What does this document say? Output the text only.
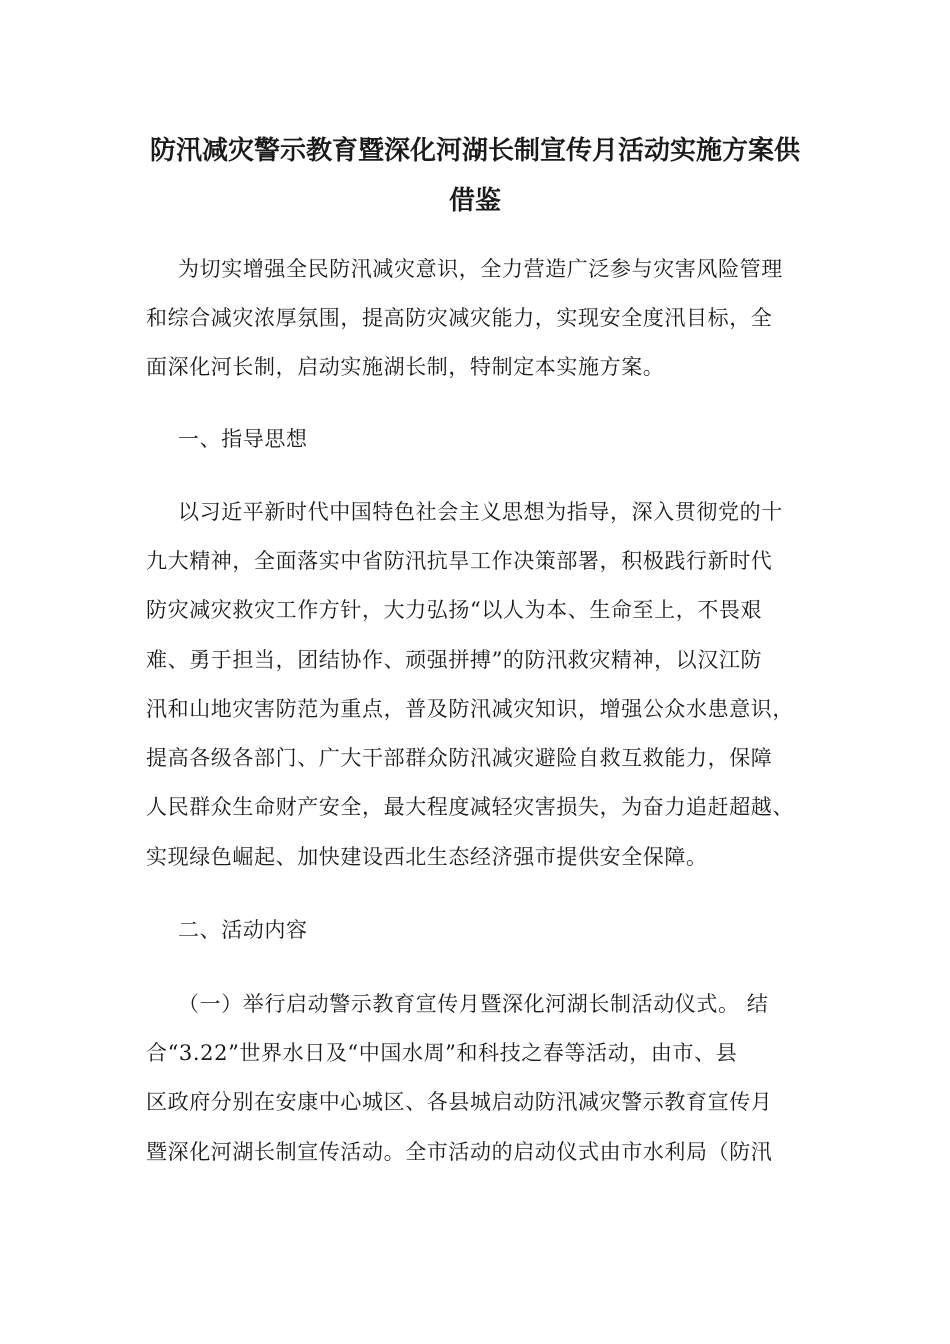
防汛减灾警示教育暨深化河湖长制宣传月活动实施方案供
借鉴
为切实增强全民防汛减灾意识，全力营造广泛参与灾害风险管理
和综合减灾浓厚氛围，提高防灾减灾能力，实现安全度汛目标，全
面深化河长制，启动实施湖长制，特制定本实施方案。
一、指导思想
以习近平新时代中国特色社会主义思想为指导，深入贯彻党的十
九大精神，全面落实中省防汛抗旱工作决策部署，积极践行新时代
防灾减灾救灾工作方针，大力弘扬“以人为本、生命至上，不畏艰
难、勇于担当，团结协作、顽强拼搏”的防汛救灾精神，以汉江防
汛和山地灾害防范为重点，普及防汛减灾知识，增强公众水患意识，
提高各级各部门、广大干部群众防汛减灾避险自救互救能力，保障
人民群众生命财产安全，最大程度减轻灾害损失，为奋力追赶超越、
实现绿色崛起、加快建设西北生态经济强市提供安全保障。
二、活动内容
（一）举行启动警示教育宣传月暨深化河湖长制活动仪式。 结
合“3.22”世界水日及“中国水周”和科技之春等活动，由市、县
区政府分别在安康中心城区、各县城启动防汛减灾警示教育宣传月
暨深化河湖长制宣传活动。全市活动的启动仪式由市水利局（防汛
